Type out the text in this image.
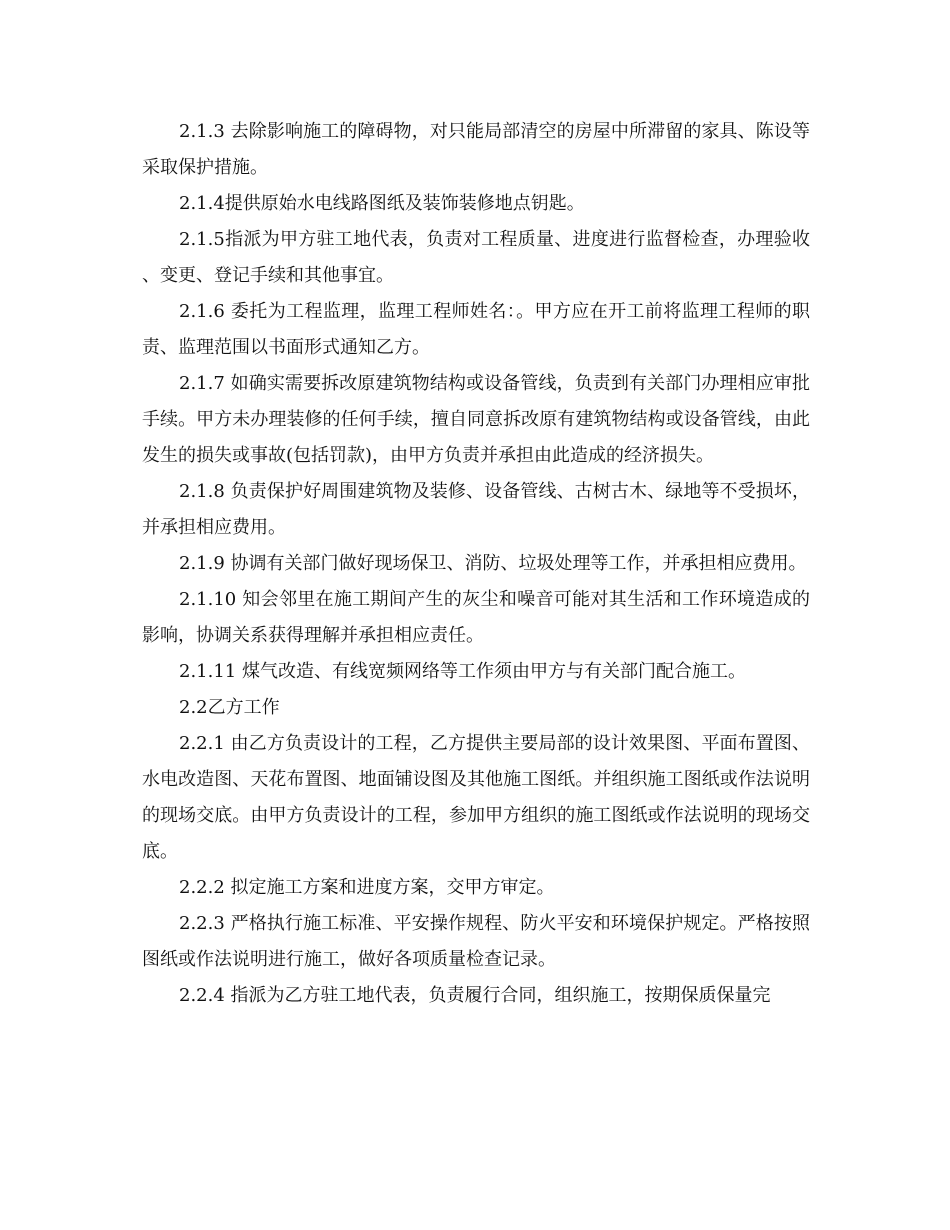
2.1.3 去除影响施工的障碍物，对只能局部清空的房屋中所滞留的家具、陈设等采取保护措施。

2.1.4提供原始水电线路图纸及装饰装修地点钥匙。

2.1.5指派为甲方驻工地代表，负责对工程质量、进度进行监督检查，办理验收、变更、登记手续和其他事宜。

2.1.6 委托为工程监理，监理工程师姓名：。甲方应在开工前将监理工程师的职责、监理范围以书面形式通知乙方。

2.1.7 如确实需要拆改原建筑物结构或设备管线，负责到有关部门办理相应审批手续。甲方未办理装修的任何手续，擅自同意拆改原有建筑物结构或设备管线，由此发生的损失或事故(包括罚款)，由甲方负责并承担由此造成的经济损失。

2.1.8 负责保护好周围建筑物及装修、设备管线、古树古木、绿地等不受损坏，并承担相应费用。

2.1.9 协调有关部门做好现场保卫、消防、垃圾处理等工作，并承担相应费用。

2.1.10 知会邻里在施工期间产生的灰尘和噪音可能对其生活和工作环境造成的影响，协调关系获得理解并承担相应责任。

2.1.11 煤气改造、有线宽频网络等工作须由甲方与有关部门配合施工。

2.2乙方工作

2.2.1 由乙方负责设计的工程，乙方提供主要局部的设计效果图、平面布置图、水电改造图、天花布置图、地面铺设图及其他施工图纸。并组织施工图纸或作法说明的现场交底。由甲方负责设计的工程，参加甲方组织的施工图纸或作法说明的现场交底。

2.2.2 拟定施工方案和进度方案，交甲方审定。

2.2.3 严格执行施工标准、平安操作规程、防火平安和环境保护规定。严格按照图纸或作法说明进行施工，做好各项质量检查记录。

2.2.4 指派为乙方驻工地代表，负责履行合同，组织施工，按期保质保量完
